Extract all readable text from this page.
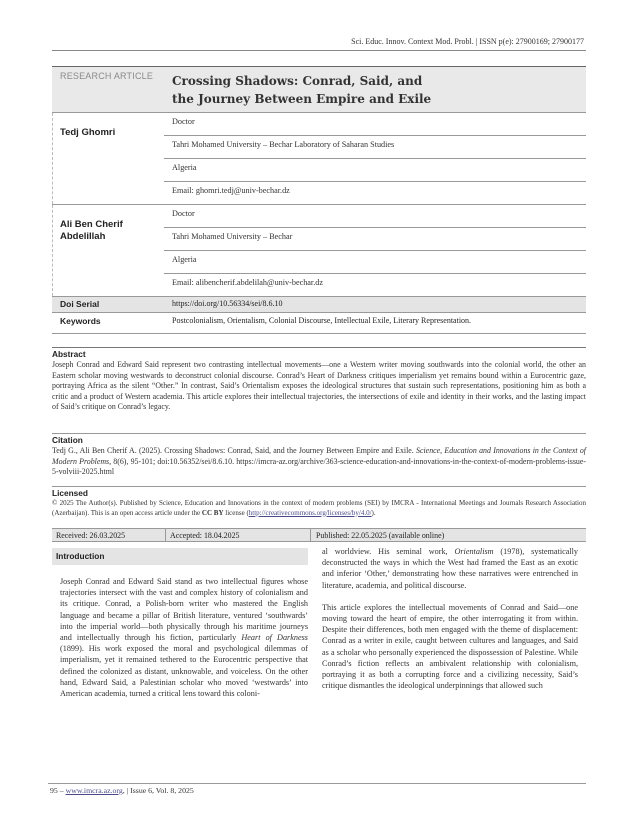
Sci. Educ. Innov. Context Mod. Probl. | ISSN p(e): 27900169; 27900177
RESEARCH ARTICLE	Crossing Shadows: Conrad, Said, and
the Journey Between Empire and Exile

Tedj Ghomri	Doctor
	Tahri Mohamed University – Bechar Laboratory of Saharan Studies
	Algeria
	Email: ghomri.tedj@univ-bechar.dz

Ali Ben Cherif Abdelillah	Doctor
	Tahri Mohamed University – Bechar
	Algeria
	Email: alibencherif.abdelilah@univ-bechar.dz
Doi Serial	https://doi.org/10.56334/sei/8.6.10
Keywords	Postcolonialism, Orientalism, Colonial Discourse, Intellectual Exile, Literary Representation.
Abstract
Joseph Conrad and Edward Said represent two contrasting intellectual movements—one a Western writer moving southwards into the colonial world, the other an Eastern scholar moving westwards to deconstruct colonial discourse. Conrad’s Heart of Darkness critiques imperialism yet remains bound within a Eurocentric gaze, portraying Africa as the silent “Other.” In contrast, Said’s Orientalism exposes the ideological structures that sustain such representations, positioning him as both a critic and a product of Western academia. This article explores their intellectual trajectories, the intersections of exile and identity in their works, and the lasting impact of Said’s critique on Conrad’s legacy.
Citation
Tedj G., Ali Ben Cherif A. (2025). Crossing Shadows: Conrad, Said, and the Journey Between Empire and Exile. Science, Education and Innovations in the Context of Modern Problems, 8(6), 95-101; doi:10.56352/sei/8.6.10. https://imcra-az.org/archive/363-science-education-and-innovations-in-the-context-of-modern-problems-issue-5-volviii-2025.html
Licensed
© 2025 The Author(s). Published by Science, Education and Innovations in the context of modern problems (SEI) by IMCRA - International Meetings and Journals Research Association (Azerbaijan). This is an open access article under the CC BY license (http://creativecommons.org/licenses/by/4.0/).
Received: 26.03.2025	Accepted: 18.04.2025	Published: 22.05.2025 (available online)
Introduction

Joseph Conrad and Edward Said stand as two intellectual figures whose trajectories intersect with the vast and complex history of colonialism and its critique. Conrad, a Polish-born writer who mastered the English language and became a pillar of British literature, ventured ‘southwards’ into the imperial world—both physically through his maritime journeys and intellectually through his fiction, particularly Heart of Darkness (1899). His work exposed the moral and psychological dilemmas of imperialism, yet it remained tethered to the Eurocentric perspective that defined the colonized as distant, unknowable, and voiceless. On the other hand, Edward Said, a Palestinian scholar who moved ‘westwards’ into American academia, turned a critical lens toward this coloni-

al worldview. His seminal work, Orientalism (1978), systematically deconstructed the ways in which the West had framed the East as an exotic and inferior ‘Other,’ demonstrating how these narratives were entrenched in literature, academia, and political discourse.

This article explores the intellectual movements of Conrad and Said—one moving toward the heart of empire, the other interrogating it from within. Despite their differences, both men engaged with the theme of displacement: Conrad as a writer in exile, caught between cultures and languages, and Said as a scholar who personally experienced the dispossession of Palestine. While Conrad’s fiction reflects an ambivalent relationship with colonialism, portraying it as both a corrupting force and a civilizing necessity, Said’s critique dismantles the ideological underpinnings that allowed such

95 – www.imcra.az.org, | Issue 6, Vol. 8, 2025
